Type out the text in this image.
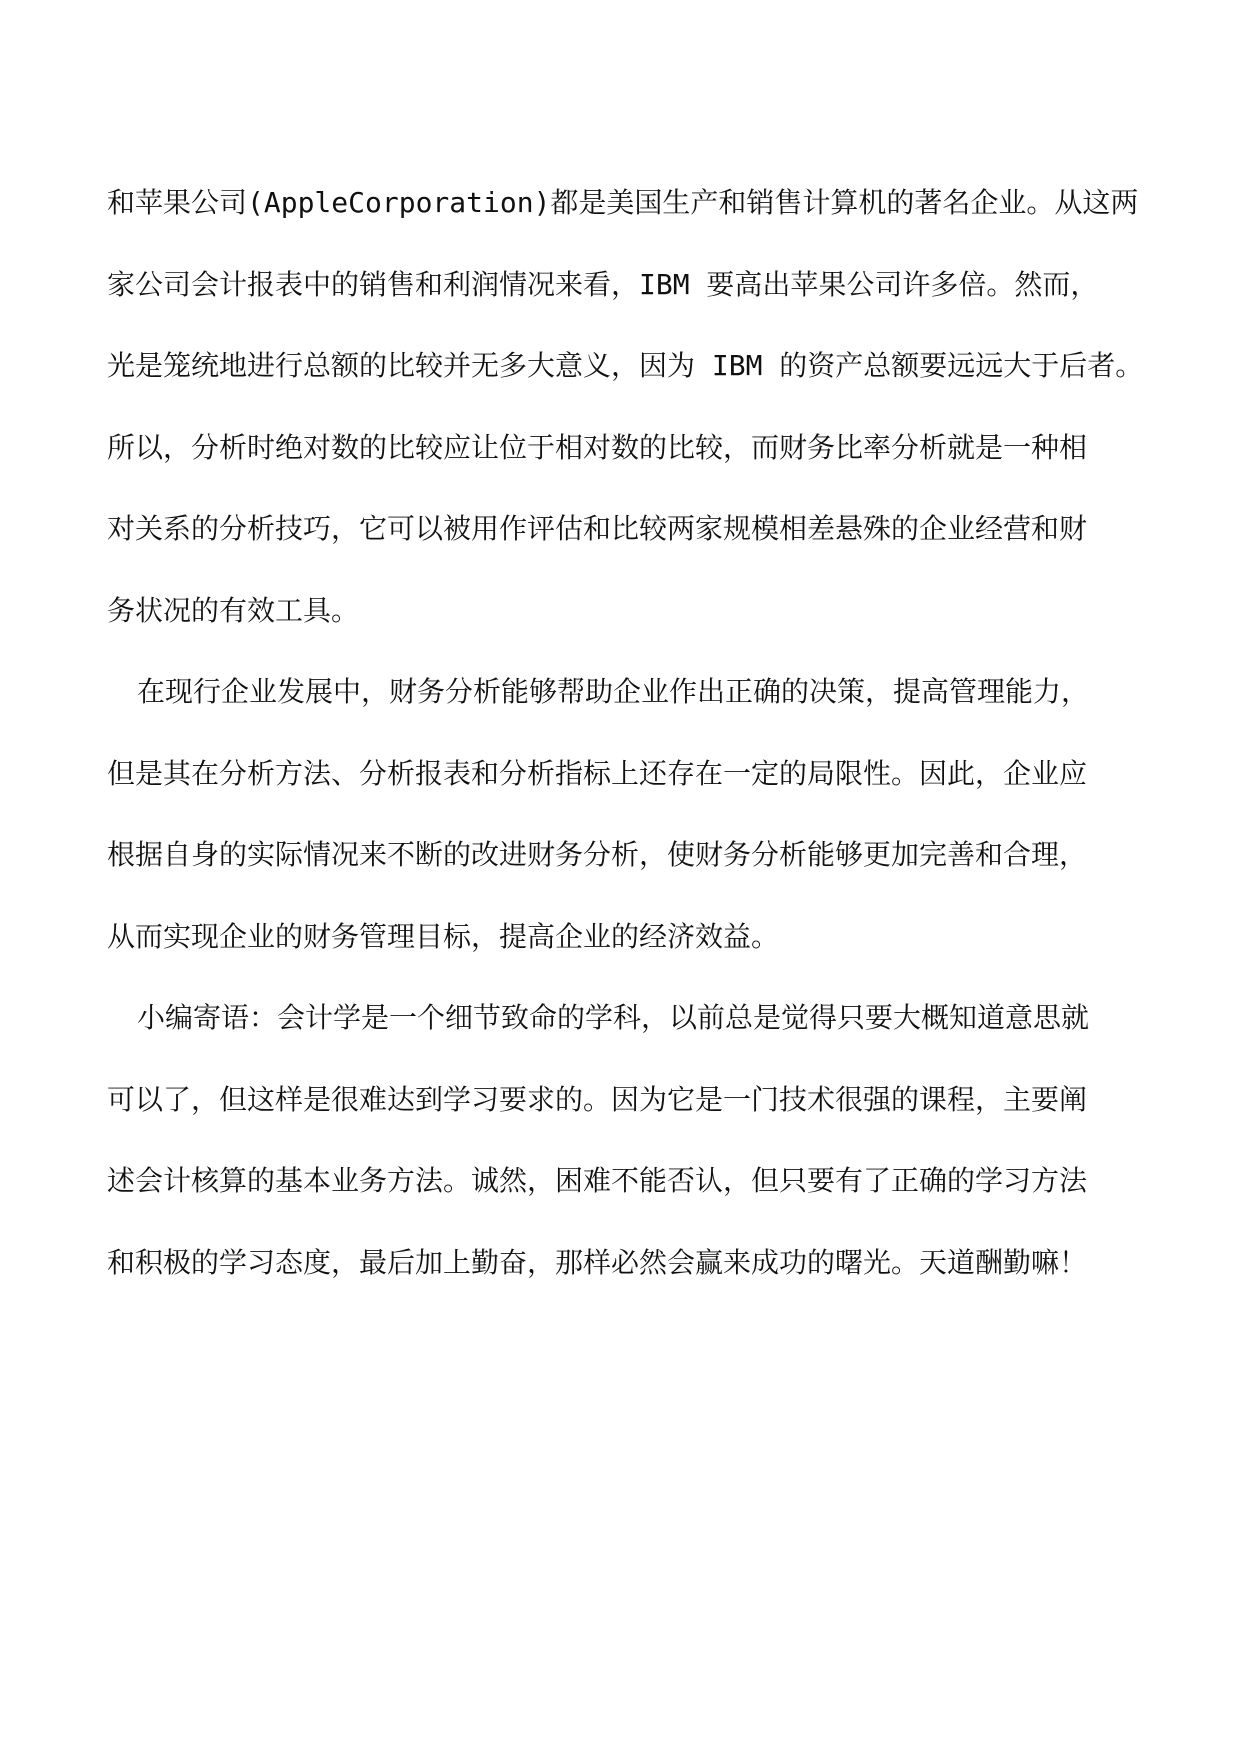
和苹果公司(AppleCorporation)都是美国生产和销售计算机的著名企业。从这两
家公司会计报表中的销售和利润情况来看，IBM 要高出苹果公司许多倍。然而，
光是笼统地进行总额的比较并无多大意义，因为 IBM 的资产总额要远远大于后者。
所以，分析时绝对数的比较应让位于相对数的比较，而财务比率分析就是一种相
对关系的分析技巧，它可以被用作评估和比较两家规模相差悬殊的企业经营和财
务状况的有效工具。
在现行企业发展中，财务分析能够帮助企业作出正确的决策，提高管理能力，
但是其在分析方法、分析报表和分析指标上还存在一定的局限性。因此，企业应
根据自身的实际情况来不断的改进财务分析，使财务分析能够更加完善和合理，
从而实现企业的财务管理目标，提高企业的经济效益。
小编寄语：会计学是一个细节致命的学科，以前总是觉得只要大概知道意思就
可以了，但这样是很难达到学习要求的。因为它是一门技术很强的课程，主要阐
述会计核算的基本业务方法。诚然，困难不能否认，但只要有了正确的学习方法
和积极的学习态度，最后加上勤奋，那样必然会赢来成功的曙光。天道酬勤嘛！
